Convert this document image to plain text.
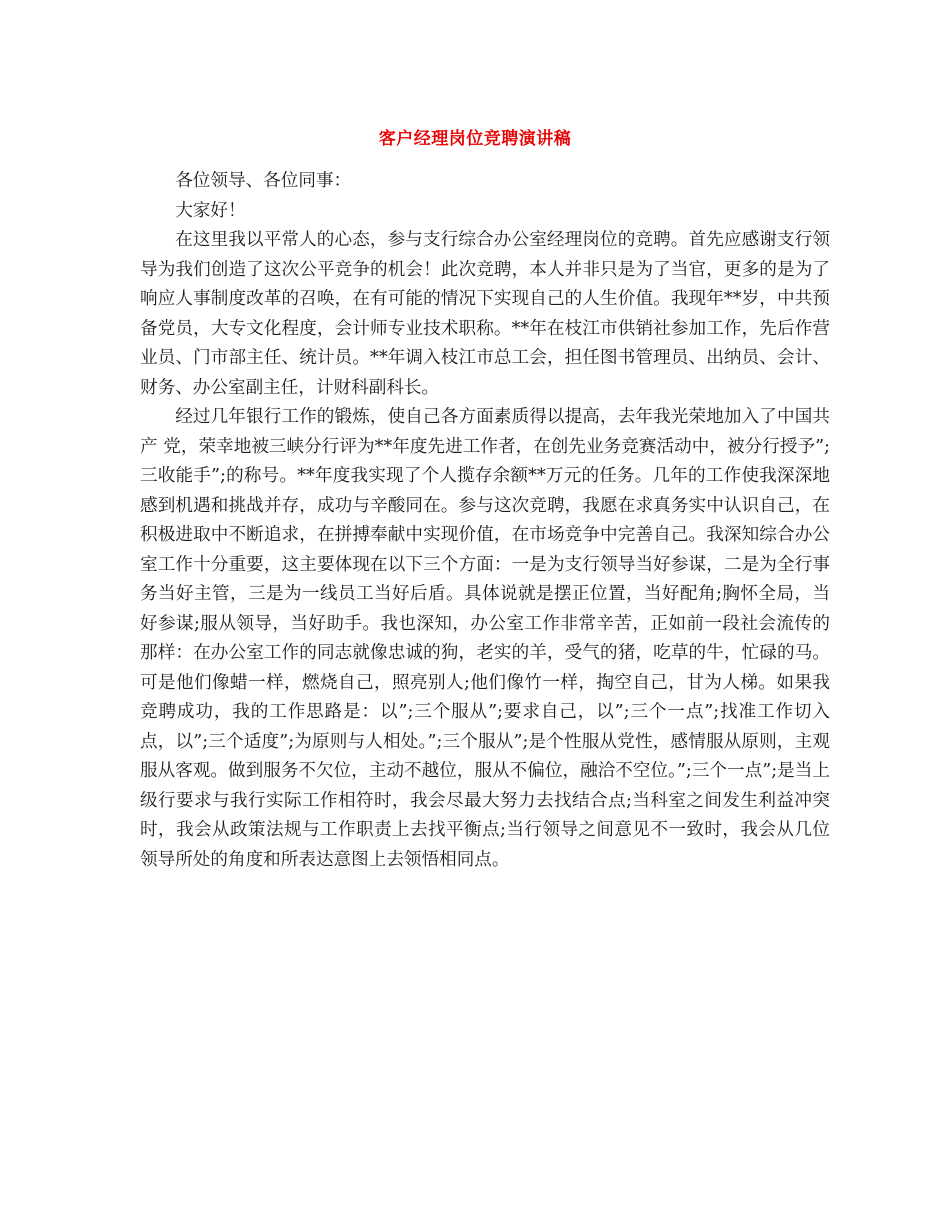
客户经理岗位竞聘演讲稿

各位领导、各位同事：

大家好！

在这里我以平常人的心态，参与支行综合办公室经理岗位的竞聘。首先应感谢支行领导为我们创造了这次公平竞争的机会！此次竞聘，本人并非只是为了当官，更多的是为了响应人事制度改革的召唤，在有可能的情况下实现自己的人生价值。我现年**岁，中共预备党员，大专文化程度，会计师专业技术职称。**年在枝江市供销社参加工作，先后作营业员、门市部主任、统计员。**年调入枝江市总工会，担任图书管理员、出纳员、会计、财务、办公室副主任，计财科副科长。

经过几年银行工作的锻炼，使自己各方面素质得以提高，去年我光荣地加入了中国共产 党，荣幸地被三峡分行评为**年度先进工作者，在创先业务竞赛活动中，被分行授予”;三收能手”;的称号。**年度我实现了个人揽存余额**万元的任务。几年的工作使我深深地感到机遇和挑战并存，成功与辛酸同在。参与这次竞聘，我愿在求真务实中认识自己，在积极进取中不断追求，在拼搏奉献中实现价值，在市场竞争中完善自己。我深知综合办公室工作十分重要，这主要体现在以下三个方面：一是为支行领导当好参谋，二是为全行事务当好主管，三是为一线员工当好后盾。具体说就是摆正位置，当好配角;胸怀全局，当好参谋;服从领导，当好助手。我也深知，办公室工作非常辛苦，正如前一段社会流传的那样：在办公室工作的同志就像忠诚的狗，老实的羊，受气的猪，吃草的牛，忙碌的马。可是他们像蜡一样，燃烧自己，照亮别人;他们像竹一样，掏空自己，甘为人梯。如果我竞聘成功，我的工作思路是：以”;三个服从”;要求自己，以”;三个一点”;找准工作切入点，以”;三个适度”;为原则与人相处。”;三个服从”;是个性服从党性，感情服从原则，主观服从客观。做到服务不欠位，主动不越位，服从不偏位，融洽不空位。”;三个一点”;是当上级行要求与我行实际工作相符时，我会尽最大努力去找结合点;当科室之间发生利益冲突时，我会从政策法规与工作职责上去找平衡点;当行领导之间意见不一致时，我会从几位领导所处的角度和所表达意图上去领悟相同点。
